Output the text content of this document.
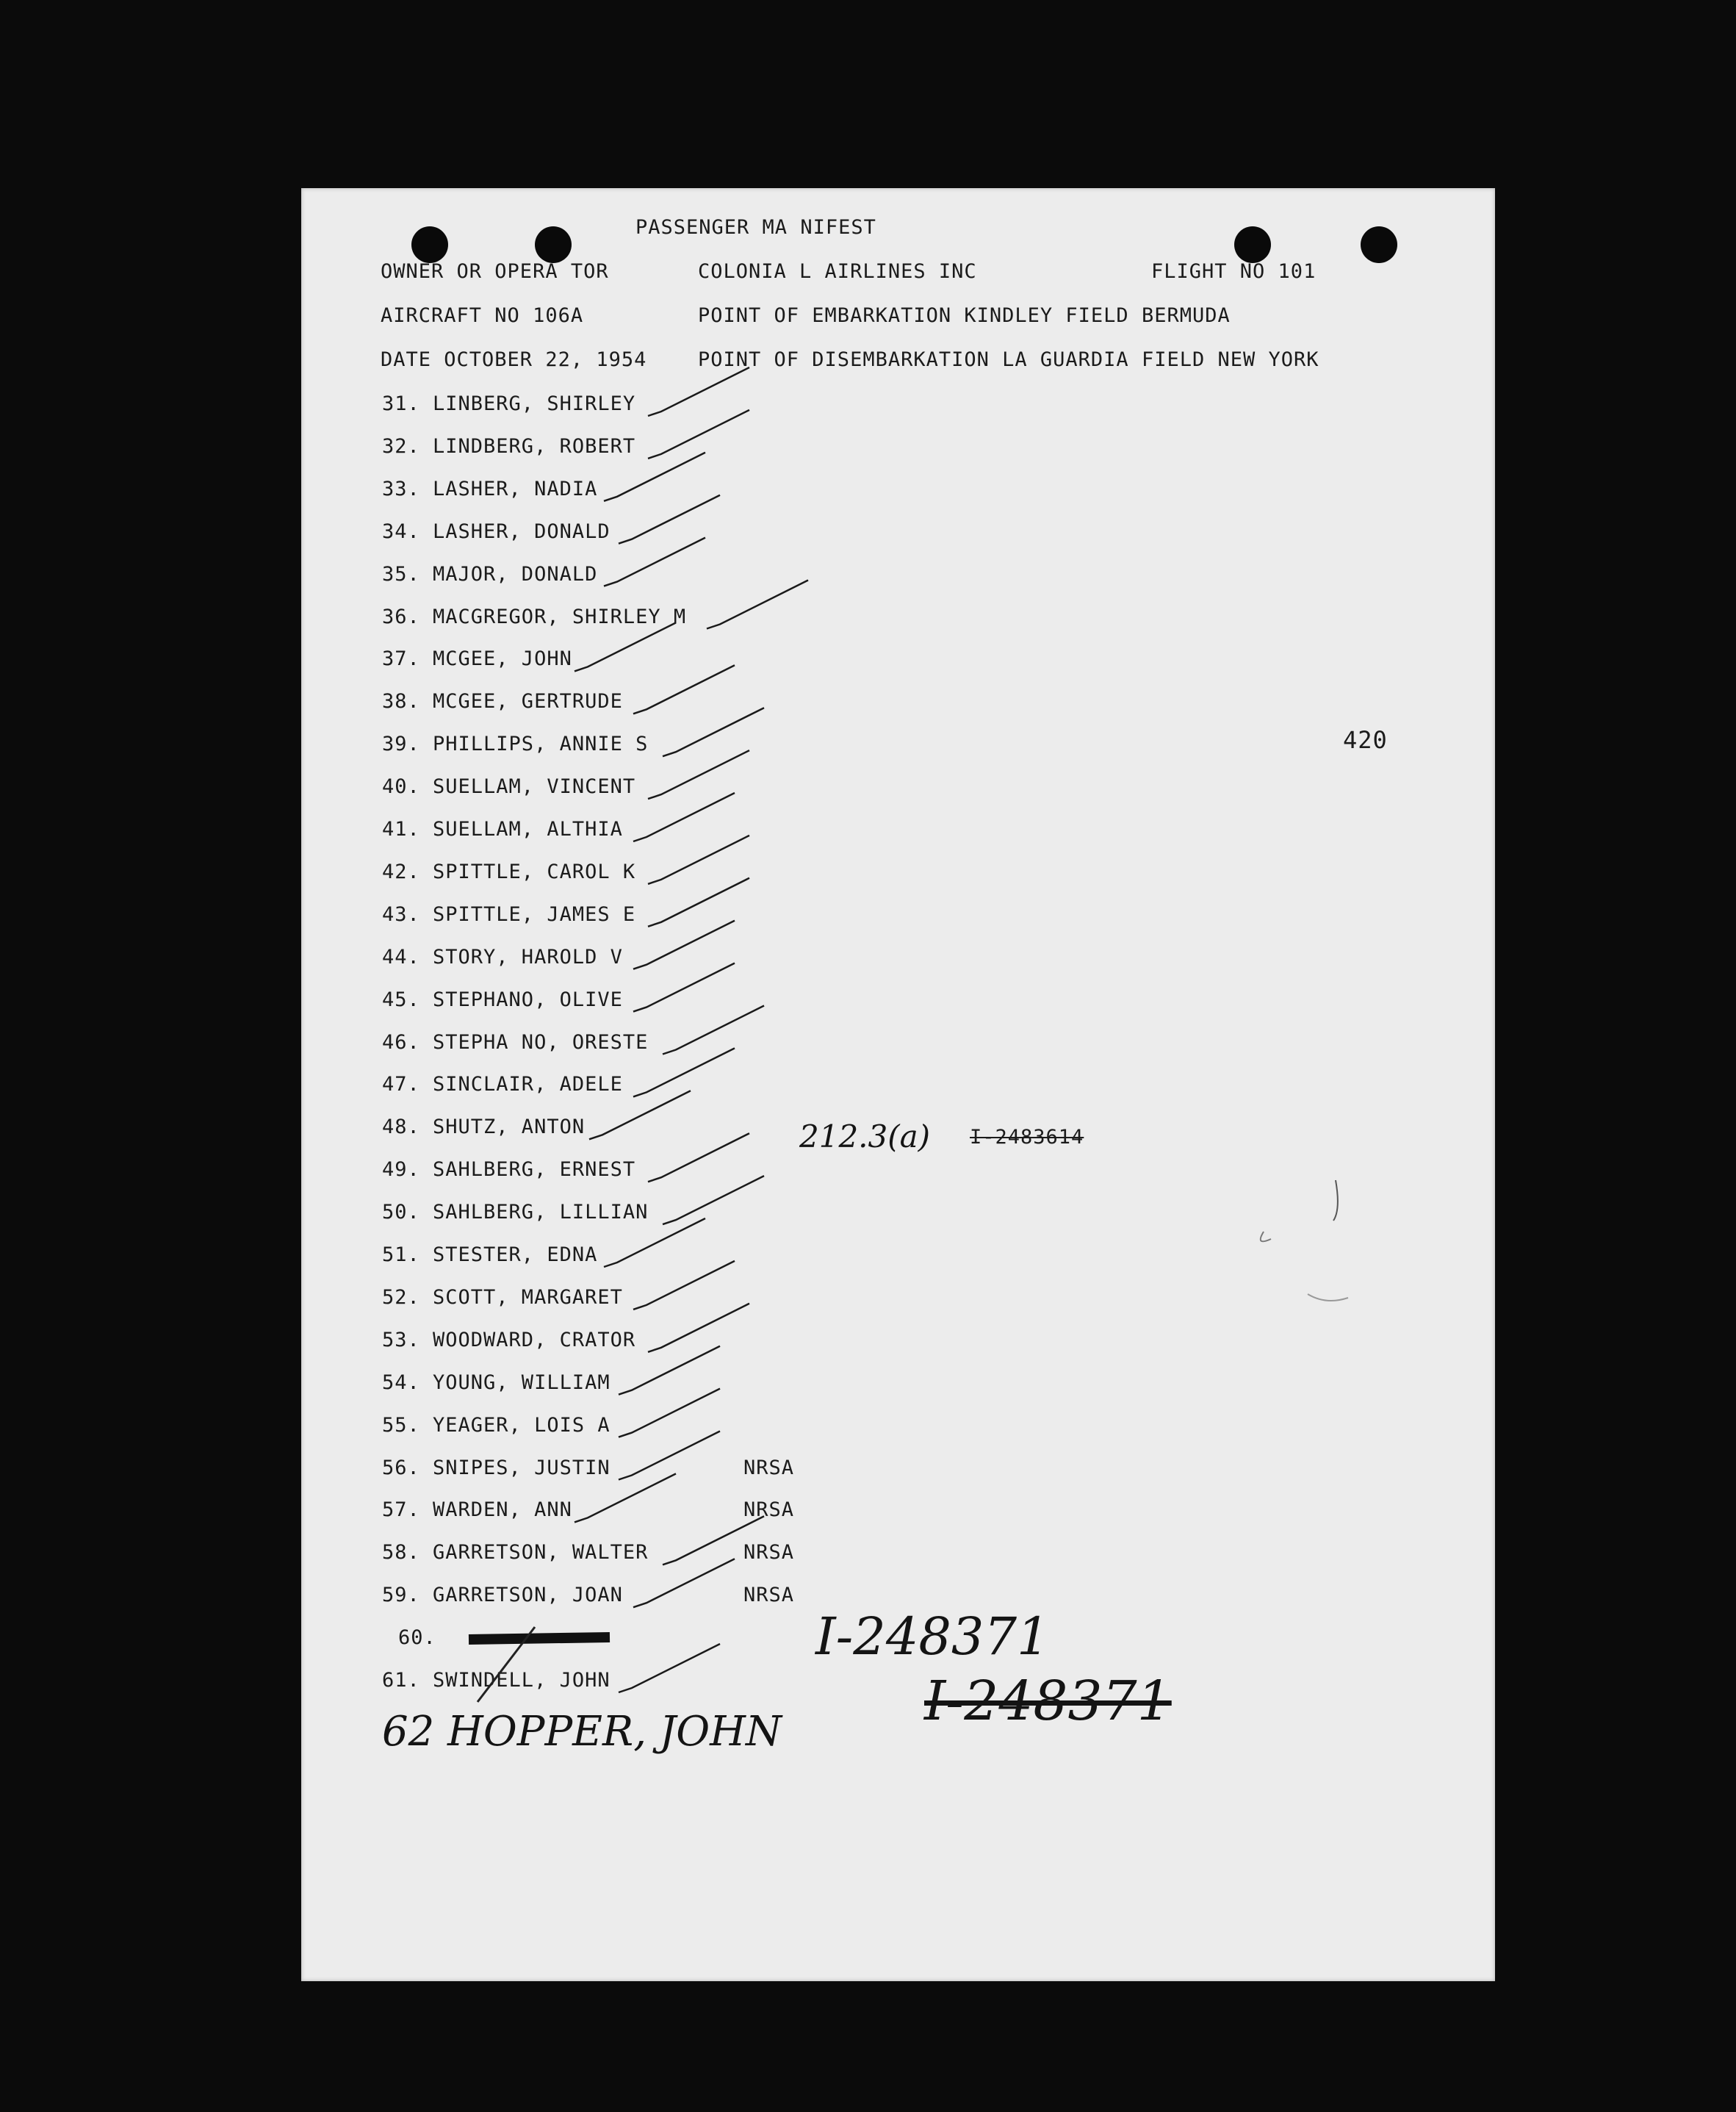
PASSENGER MA NIFEST
OWNER OR OPERA TOR	COLONIA L AIRLINES INC	FLIGHT NO 101
AIRCRAFT NO 106A	POINT OF EMBARKATION KINDLEY FIELD BERMUDA
DATE OCTOBER 22, 1954	POINT OF DISEMBARKATION LA GUARDIA FIELD NEW YORK
420
31. LINBERG, SHIRLEY
32. LINDBERG, ROBERT
33. LASHER, NADIA
34. LASHER, DONALD
35. MAJOR, DONALD
36. MACGREGOR, SHIRLEY M
37. MCGEE, JOHN
38. MCGEE, GERTRUDE
39. PHILLIPS, ANNIE S
40. SUELLAM, VINCENT
41. SUELLAM, ALTHIA
42. SPITTLE, CAROL K
43. SPITTLE, JAMES E
44. STORY, HAROLD V
45. STEPHANO, OLIVE
46. STEPHA NO, ORESTE
47. SINCLAIR, ADELE
48. SHUTZ, ANTON
49. SAHLBERG, ERNEST
50. SAHLBERG, LILLIAN
51. STESTER, EDNA
52. SCOTT, MARGARET
53. WOODWARD, CRATOR
54. YOUNG, WILLIAM
55. YEAGER, LOIS A
56. SNIPES, JUSTIN	NRSA
57. WARDEN, ANN	NRSA
58. GARRETSON, WALTER	NRSA
59. GARRETSON, JOAN	NRSA
60.
61. SWINDELL, JOHN
212.3(a) I-2483614
I-248371
I-248371
62 HOPPER, JOHN
